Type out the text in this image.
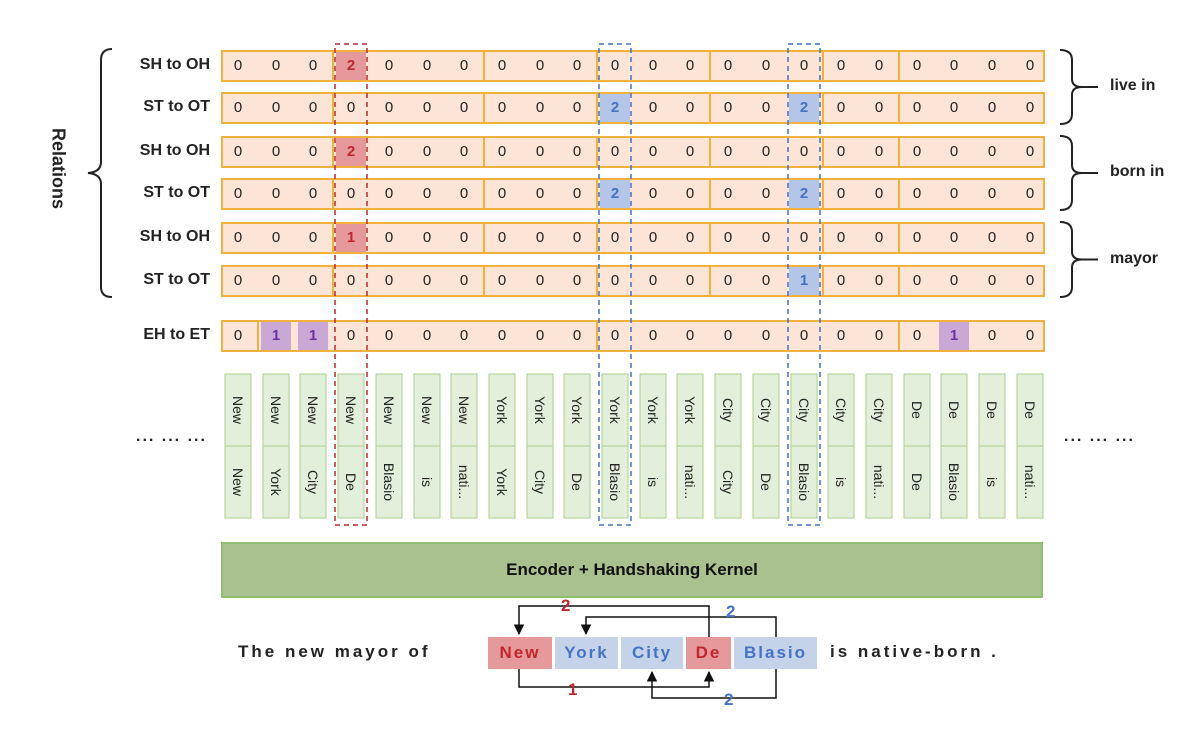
0	0	0	2	0	0	0	0	0	0	0	0	0	0	0	0	0	0	0	0	0	0
0	0	0	0	0	0	0	0	0	0	2	0	0	0	0	2	0	0	0	0	0	0
0	0	0	2	0	0	0	0	0	0	0	0	0	0	0	0	0	0	0	0	0	0
0	0	0	0	0	0	0	0	0	0	2	0	0	0	0	2	0	0	0	0	0	0
0	0	0	1	0	0	0	0	0	0	0	0	0	0	0	0	0	0	0	0	0	0
0	0	0	0	0	0	0	0	0	0	0	0	0	0	0	1	0	0	0	0	0	0
0	1	1	0	0	0	0	0	0	0	0	0	0	0	0	0	0	0	0	1	0	0
SH to OH
ST to OT
SH to OH
ST to OT
SH to OH
ST to OT
EH to ET
Relations
live in
born in
mayor
New
New
New
York
New
City
New
De
New
Blasio
New
is
New
nati...
York
York
York
City
York
De
York
Blasio
York
is
York
nati...
City
City
City
De
City
Blasio
City
is
City
nati...
De
De
De
Blasio
De
is
De
nati...
... ... ...	... ... ...
Encoder + Handshaking Kernel
The new mayor of	New	York	City	De	Blasio	is native-born .
2	2
1
2
